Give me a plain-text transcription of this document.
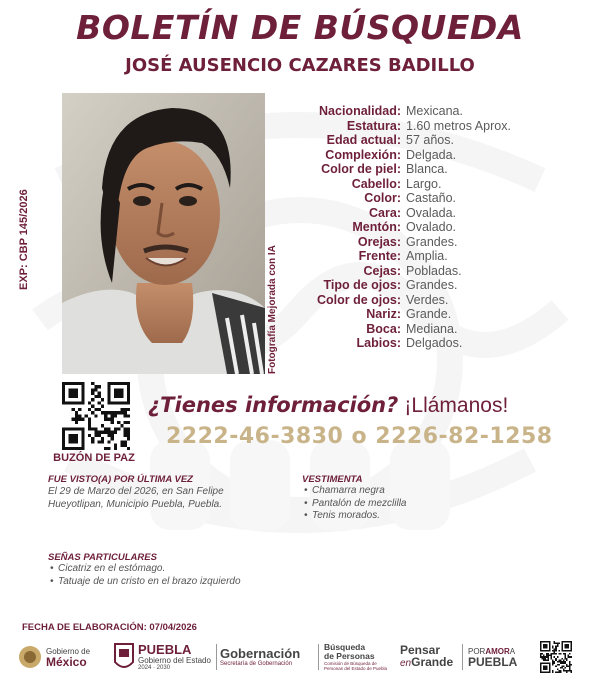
BOLETÍN DE BÚSQUEDA
JOSÉ AUSENCIO CAZARES BADILLO
EXP: CBP 145/2026
Fotografía Mejorada con IA
Nacionalidad: Mexicana.
Estatura: 1.60 metros Aprox.
Edad actual: 57 años.
Complexión: Delgada.
Color de piel: Blanca.
Cabello: Largo.
Color: Castaño.
Cara: Ovalada.
Mentón: Ovalado.
Orejas: Grandes.
Frente: Amplia.
Cejas: Pobladas.
Tipo de ojos: Grandes.
Color de ojos: Verdes.
Nariz: Grande.
Boca: Mediana.
Labios: Delgados.
BUZÓN DE PAZ
¿Tienes información? ¡Llámanos!
2222-46-3830 o 2226-82-1258
FUE VISTO(A) POR ÚLTIMA VEZ
El 29 de Marzo del 2026, en San Felipe
Hueyotlipan, Municipio Puebla, Puebla.
VESTIMENTA
• Chamarra negra
• Pantalón de mezclilla
• Tenis morados.
SEÑAS PARTICULARES
• Cicatriz en el estómago.
• Tatuaje de un cristo en el brazo izquierdo
FECHA DE ELABORACIÓN: 07/04/2026
Gobierno de
México
PUEBLA
Gobierno del Estado
2024 · 2030
Gobernación
Secretaría de Gobernación
Búsqueda
de Personas
Comisión de Búsqueda de Personas del Estado de Puebla
Pensar
enGrande
PORAMORA
PUEBLA
